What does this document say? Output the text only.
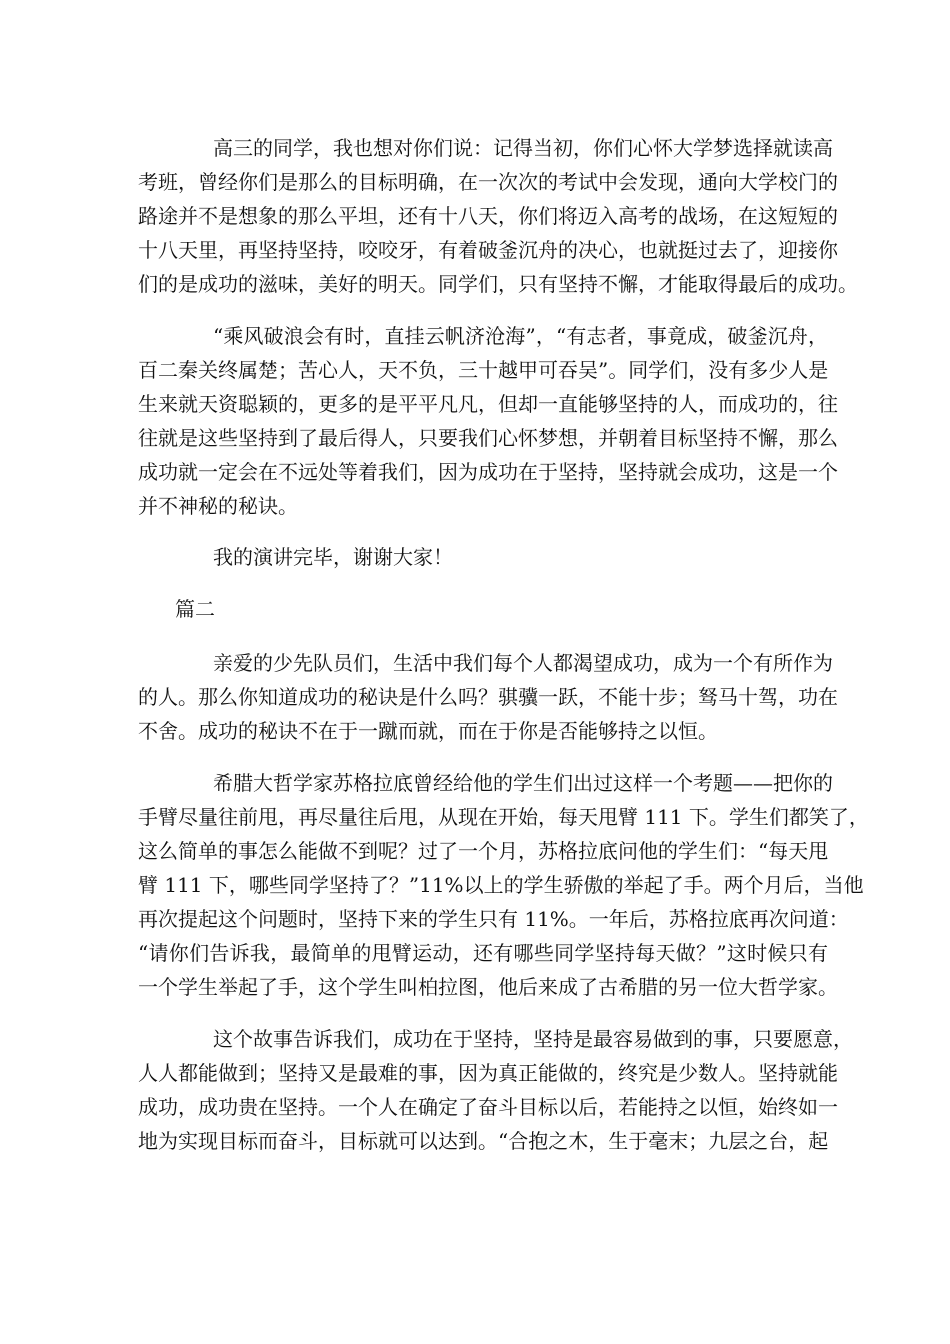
高三的同学，我也想对你们说：记得当初，你们心怀大学梦选择就读高

考班，曾经你们是那么的目标明确，在一次次的考试中会发现，通向大学校门的

路途并不是想象的那么平坦，还有十八天，你们将迈入高考的战场，在这短短的

十八天里，再坚持坚持，咬咬牙，有着破釜沉舟的决心，也就挺过去了，迎接你

们的是成功的滋味，美好的明天。同学们，只有坚持不懈，才能取得最后的成功。

“乘风破浪会有时，直挂云帆济沧海”，“有志者，事竟成，破釜沉舟，

百二秦关终属楚；苦心人，天不负，三十越甲可吞吴”。同学们，没有多少人是

生来就天资聪颖的，更多的是平平凡凡，但却一直能够坚持的人，而成功的，往

往就是这些坚持到了最后得人，只要我们心怀梦想，并朝着目标坚持不懈，那么

成功就一定会在不远处等着我们，因为成功在于坚持，坚持就会成功，这是一个

并不神秘的秘诀。

我的演讲完毕，谢谢大家！

篇二

亲爱的少先队员们，生活中我们每个人都渴望成功，成为一个有所作为

的人。那么你知道成功的秘诀是什么吗？骐骥一跃，不能十步；驽马十驾，功在

不舍。成功的秘诀不在于一蹴而就，而在于你是否能够持之以恒。

希腊大哲学家苏格拉底曾经给他的学生们出过这样一个考题——把你的

手臂尽量往前甩，再尽量往后甩，从现在开始，每天甩臂 111 下。学生们都笑了，

这么简单的事怎么能做不到呢？过了一个月，苏格拉底问他的学生们：“每天甩

臂 111 下，哪些同学坚持了？”11%以上的学生骄傲的举起了手。两个月后，当他

再次提起这个问题时，坚持下来的学生只有 11%。一年后，苏格拉底再次问道：

“请你们告诉我，最简单的甩臂运动，还有哪些同学坚持每天做？”这时候只有

一个学生举起了手，这个学生叫柏拉图，他后来成了古希腊的另一位大哲学家。

这个故事告诉我们，成功在于坚持，坚持是最容易做到的事，只要愿意，

人人都能做到；坚持又是最难的事，因为真正能做的，终究是少数人。坚持就能

成功，成功贵在坚持。一个人在确定了奋斗目标以后，若能持之以恒，始终如一

地为实现目标而奋斗，目标就可以达到。“合抱之木，生于毫末；九层之台，起
